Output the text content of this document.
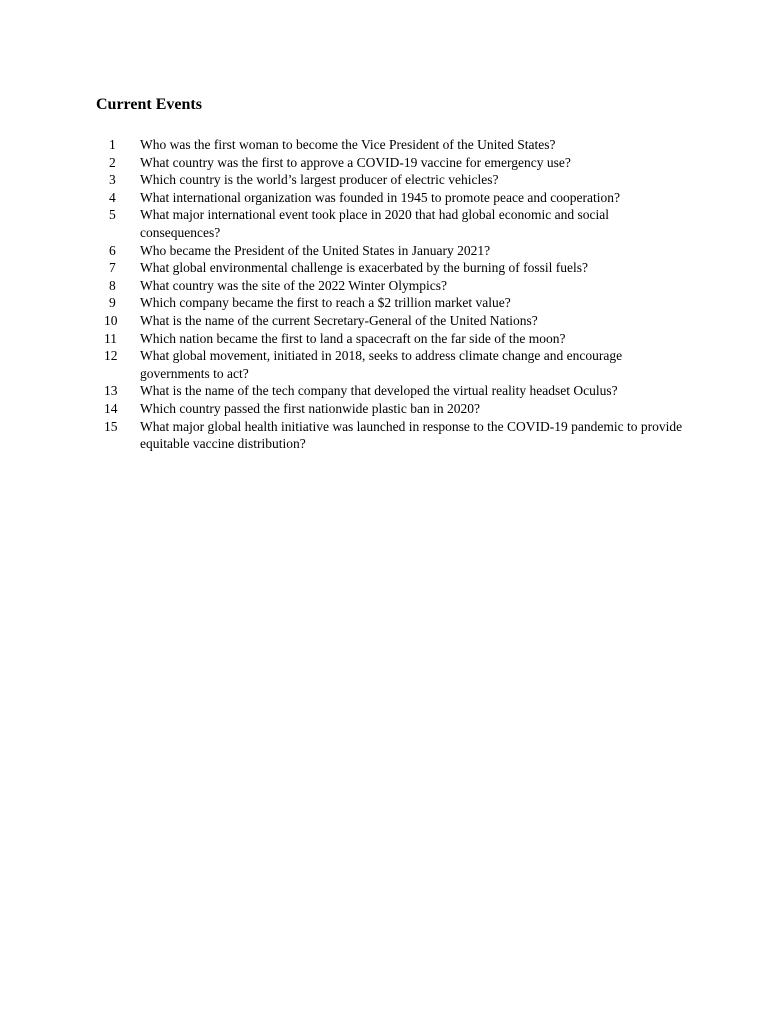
Current Events
1	Who was the first woman to become the Vice President of the United States?
2	What country was the first to approve a COVID-19 vaccine for emergency use?
3	Which country is the world’s largest producer of electric vehicles?
4	What international organization was founded in 1945 to promote peace and cooperation?
5	What major international event took place in 2020 that had global economic and social consequences?
6	Who became the President of the United States in January 2021?
7	What global environmental challenge is exacerbated by the burning of fossil fuels?
8	What country was the site of the 2022 Winter Olympics?
9	Which company became the first to reach a $2 trillion market value?
10	What is the name of the current Secretary-General of the United Nations?
11	Which nation became the first to land a spacecraft on the far side of the moon?
12	What global movement, initiated in 2018, seeks to address climate change and encourage governments to act?
13	What is the name of the tech company that developed the virtual reality headset Oculus?
14	Which country passed the first nationwide plastic ban in 2020?
15	What major global health initiative was launched in response to the COVID-19 pandemic to provide equitable vaccine distribution?
